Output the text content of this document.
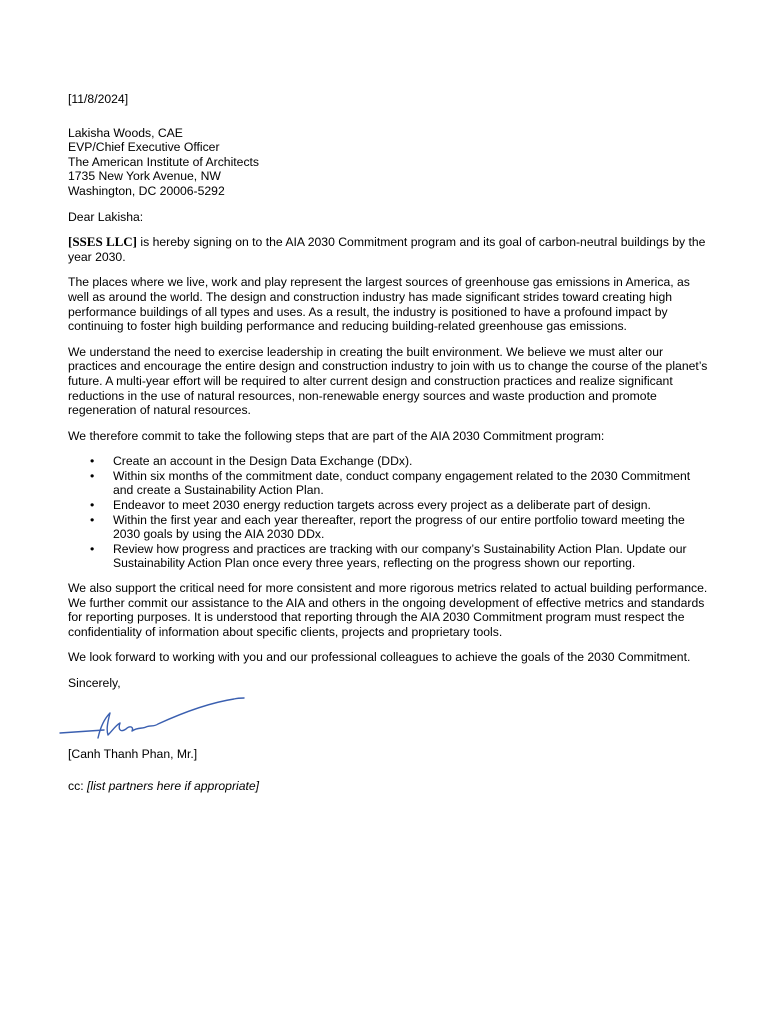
[11/8/2024]

Lakisha Woods, CAE
EVP/Chief Executive Officer
The American Institute of Architects
1735 New York Avenue, NW
Washington, DC 20006-5292

Dear Lakisha:

[SSES LLC] is hereby signing on to the AIA 2030 Commitment program and its goal of carbon-neutral buildings by the year 2030.

The places where we live, work and play represent the largest sources of greenhouse gas emissions in America, as well as around the world. The design and construction industry has made significant strides toward creating high performance buildings of all types and uses. As a result, the industry is positioned to have a profound impact by continuing to foster high building performance and reducing building-related greenhouse gas emissions.

We understand the need to exercise leadership in creating the built environment. We believe we must alter our practices and encourage the entire design and construction industry to join with us to change the course of the planet’s future. A multi-year effort will be required to alter current design and construction practices and realize significant reductions in the use of natural resources, non-renewable energy sources and waste production and promote regeneration of natural resources.

We therefore commit to take the following steps that are part of the AIA 2030 Commitment program:

• Create an account in the Design Data Exchange (DDx).
• Within six months of the commitment date, conduct company engagement related to the 2030 Commitment and create a Sustainability Action Plan.
• Endeavor to meet 2030 energy reduction targets across every project as a deliberate part of design.
• Within the first year and each year thereafter, report the progress of our entire portfolio toward meeting the 2030 goals by using the AIA 2030 DDx.
• Review how progress and practices are tracking with our company’s Sustainability Action Plan. Update our Sustainability Action Plan once every three years, reflecting on the progress shown our reporting.

We also support the critical need for more consistent and more rigorous metrics related to actual building performance. We further commit our assistance to the AIA and others in the ongoing development of effective metrics and standards for reporting purposes. It is understood that reporting through the AIA 2030 Commitment program must respect the confidentiality of information about specific clients, projects and proprietary tools.

We look forward to working with you and our professional colleagues to achieve the goals of the 2030 Commitment.

Sincerely,

[Canh Thanh Phan, Mr.]

cc: [list partners here if appropriate]
